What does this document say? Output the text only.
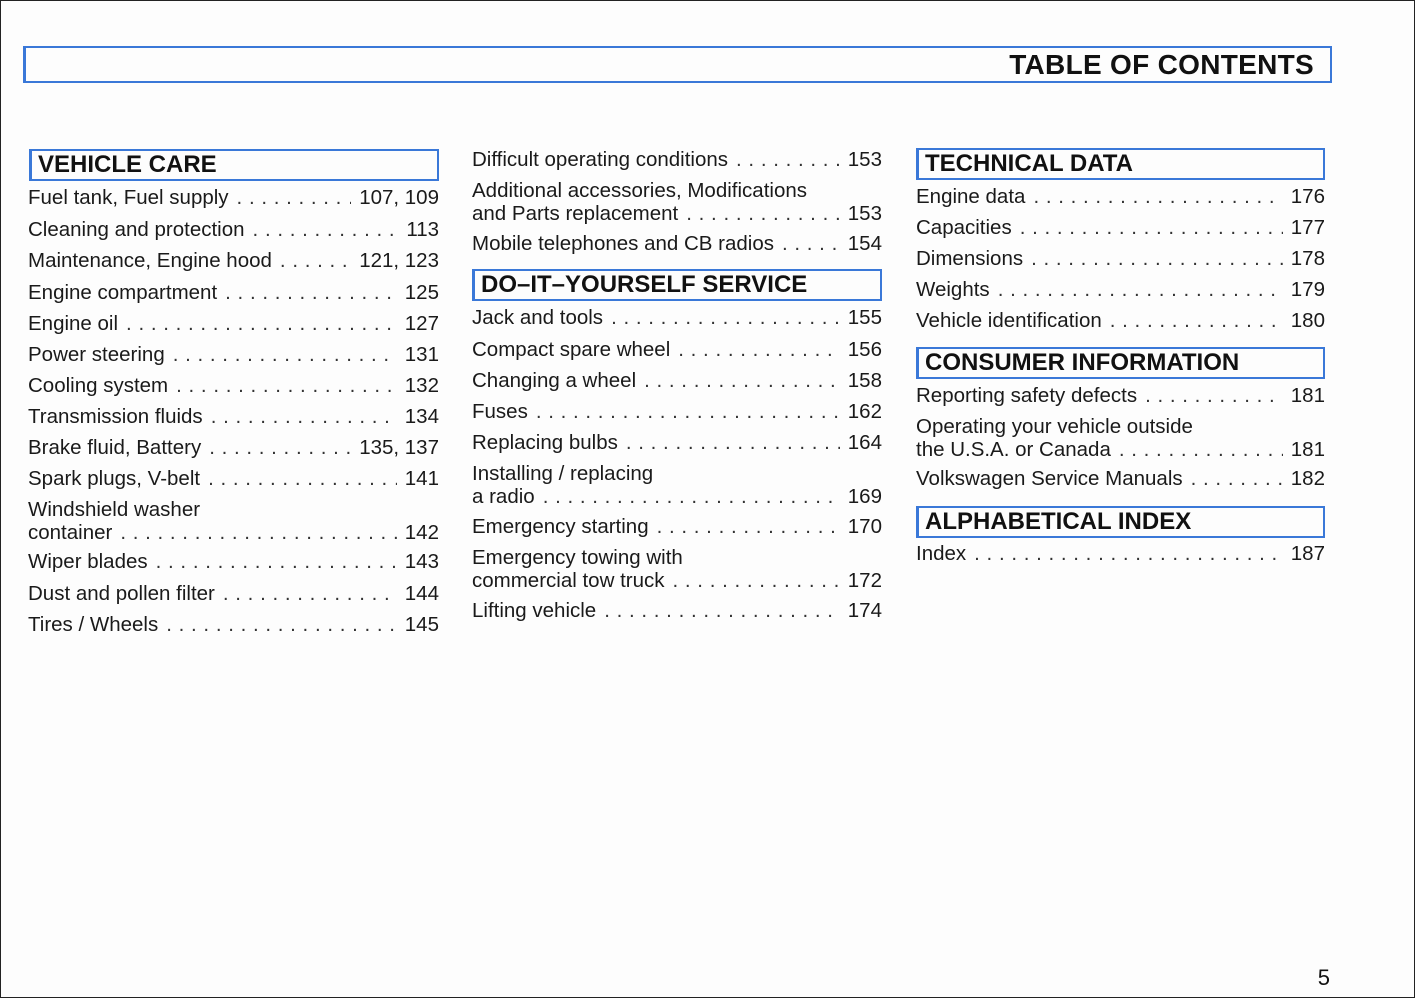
TABLE OF CONTENTS
VEHICLE CARE
Fuel tank, Fuel supply . . .	107, 109
Cleaning and protection . . .	113
Maintenance, Engine hood . . .	121, 123
Engine compartment . . .	125
Engine oil . . .	127
Power steering . . .	131
Cooling system . . .	132
Transmission fluids . . .	134
Brake fluid, Battery . . .	135, 137
Spark plugs, V-belt . . .	141
Windshield washer
container . . .	142
Wiper blades . . .	143
Dust and pollen filter . . .	144
Tires / Wheels . . .	145
Difficult operating conditions . . .	153
Additional accessories, Modifications
and Parts replacement . . .	153
Mobile telephones and CB radios . . .	154
DO–IT–YOURSELF SERVICE
Jack and tools . . .	155
Compact spare wheel . . .	156
Changing a wheel . . .	158
Fuses . . .	162
Replacing bulbs . . .	164
Installing / replacing
a radio . . .	169
Emergency starting . . .	170
Emergency towing with
commercial tow truck . . .	172
Lifting vehicle . . .	174
TECHNICAL DATA
Engine data . . .	176
Capacities . . .	177
Dimensions . . .	178
Weights . . .	179
Vehicle identification . . .	180
CONSUMER INFORMATION
Reporting safety defects . . .	181
Operating your vehicle outside
the U.S.A. or Canada . . .	181
Volkswagen Service Manuals . . .	182
ALPHABETICAL INDEX
Index . . .	187
5
